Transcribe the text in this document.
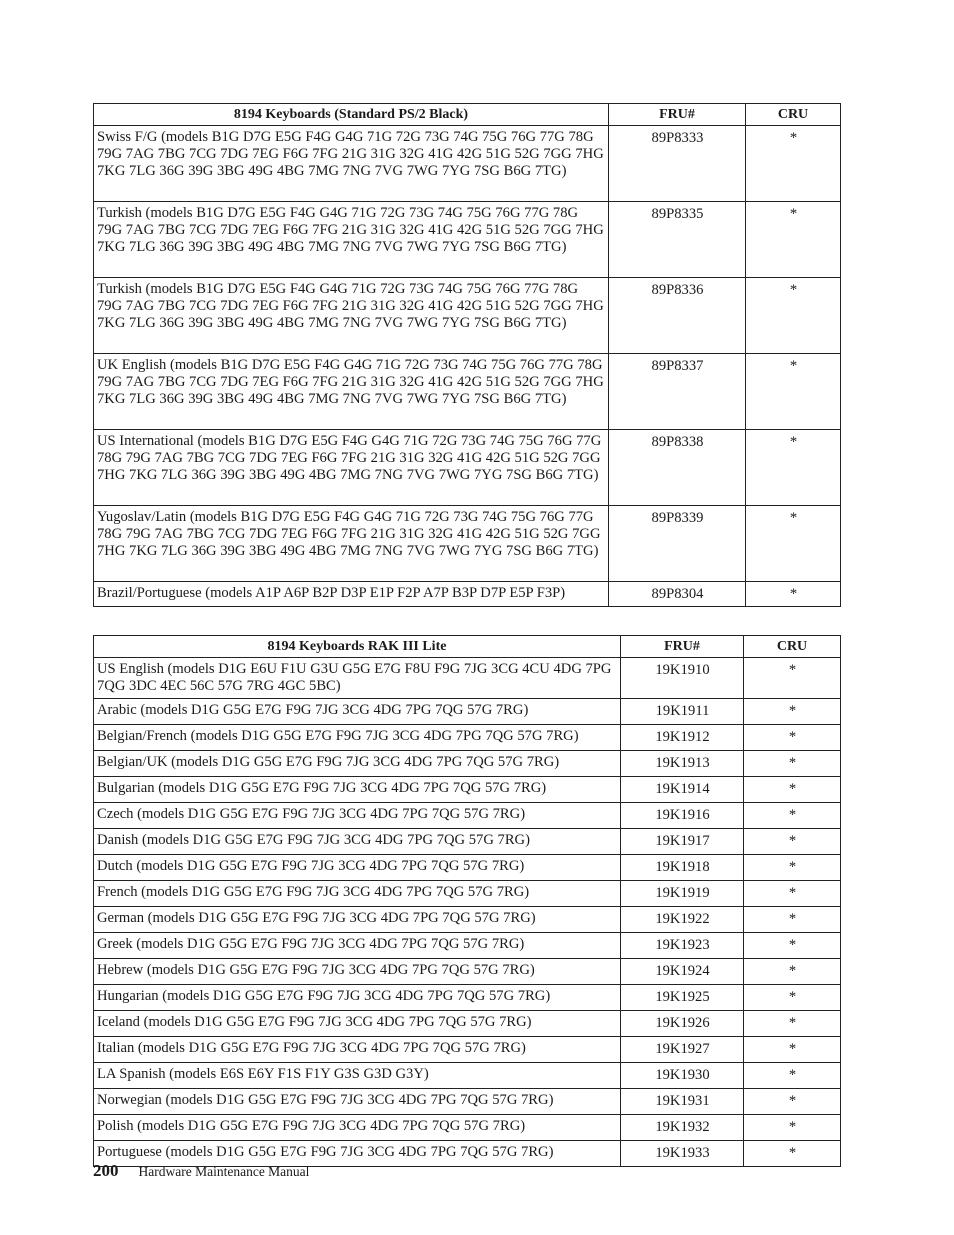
8194 Keyboards (Standard PS/2 Black)	FRU#	CRU
Swiss F/G (models B1G D7G E5G F4G G4G 71G 72G 73G 74G 75G 76G 77G 78G 79G 7AG 7BG 7CG 7DG 7EG F6G 7FG 21G 31G 32G 41G 42G 51G 52G 7GG 7HG 7KG 7LG 36G 39G 3BG 49G 4BG 7MG 7NG 7VG 7WG 7YG 7SG B6G 7TG)	89P8333	*
Turkish (models B1G D7G E5G F4G G4G 71G 72G 73G 74G 75G 76G 77G 78G 79G 7AG 7BG 7CG 7DG 7EG F6G 7FG 21G 31G 32G 41G 42G 51G 52G 7GG 7HG 7KG 7LG 36G 39G 3BG 49G 4BG 7MG 7NG 7VG 7WG 7YG 7SG B6G 7TG)	89P8335	*
Turkish (models B1G D7G E5G F4G G4G 71G 72G 73G 74G 75G 76G 77G 78G 79G 7AG 7BG 7CG 7DG 7EG F6G 7FG 21G 31G 32G 41G 42G 51G 52G 7GG 7HG 7KG 7LG 36G 39G 3BG 49G 4BG 7MG 7NG 7VG 7WG 7YG 7SG B6G 7TG)	89P8336	*
UK English (models B1G D7G E5G F4G G4G 71G 72G 73G 74G 75G 76G 77G 78G 79G 7AG 7BG 7CG 7DG 7EG F6G 7FG 21G 31G 32G 41G 42G 51G 52G 7GG 7HG 7KG 7LG 36G 39G 3BG 49G 4BG 7MG 7NG 7VG 7WG 7YG 7SG B6G 7TG)	89P8337	*
US International (models B1G D7G E5G F4G G4G 71G 72G 73G 74G 75G 76G 77G 78G 79G 7AG 7BG 7CG 7DG 7EG F6G 7FG 21G 31G 32G 41G 42G 51G 52G 7GG 7HG 7KG 7LG 36G 39G 3BG 49G 4BG 7MG 7NG 7VG 7WG 7YG 7SG B6G 7TG)	89P8338	*
Yugoslav/Latin (models B1G D7G E5G F4G G4G 71G 72G 73G 74G 75G 76G 77G 78G 79G 7AG 7BG 7CG 7DG 7EG F6G 7FG 21G 31G 32G 41G 42G 51G 52G 7GG 7HG 7KG 7LG 36G 39G 3BG 49G 4BG 7MG 7NG 7VG 7WG 7YG 7SG B6G 7TG)	89P8339	*
Brazil/Portuguese (models A1P A6P B2P D3P E1P F2P A7P B3P D7P E5P F3P)	89P8304	*
8194 Keyboards RAK III Lite	FRU#	CRU
US English (models D1G E6U F1U G3U G5G E7G F8U F9G 7JG 3CG 4CU 4DG 7PG 7QG 3DC 4EC 56C 57G 7RG 4GC 5BC)	19K1910	*
Arabic (models D1G G5G E7G F9G 7JG 3CG 4DG 7PG 7QG 57G 7RG)	19K1911	*
Belgian/French (models D1G G5G E7G F9G 7JG 3CG 4DG 7PG 7QG 57G 7RG)	19K1912	*
Belgian/UK (models D1G G5G E7G F9G 7JG 3CG 4DG 7PG 7QG 57G 7RG)	19K1913	*
Bulgarian (models D1G G5G E7G F9G 7JG 3CG 4DG 7PG 7QG 57G 7RG)	19K1914	*
Czech (models D1G G5G E7G F9G 7JG 3CG 4DG 7PG 7QG 57G 7RG)	19K1916	*
Danish (models D1G G5G E7G F9G 7JG 3CG 4DG 7PG 7QG 57G 7RG)	19K1917	*
Dutch (models D1G G5G E7G F9G 7JG 3CG 4DG 7PG 7QG 57G 7RG)	19K1918	*
French (models D1G G5G E7G F9G 7JG 3CG 4DG 7PG 7QG 57G 7RG)	19K1919	*
German (models D1G G5G E7G F9G 7JG 3CG 4DG 7PG 7QG 57G 7RG)	19K1922	*
Greek (models D1G G5G E7G F9G 7JG 3CG 4DG 7PG 7QG 57G 7RG)	19K1923	*
Hebrew (models D1G G5G E7G F9G 7JG 3CG 4DG 7PG 7QG 57G 7RG)	19K1924	*
Hungarian (models D1G G5G E7G F9G 7JG 3CG 4DG 7PG 7QG 57G 7RG)	19K1925	*
Iceland (models D1G G5G E7G F9G 7JG 3CG 4DG 7PG 7QG 57G 7RG)	19K1926	*
Italian (models D1G G5G E7G F9G 7JG 3CG 4DG 7PG 7QG 57G 7RG)	19K1927	*
LA Spanish (models E6S E6Y F1S F1Y G3S G3D G3Y)	19K1930	*
Norwegian (models D1G G5G E7G F9G 7JG 3CG 4DG 7PG 7QG 57G 7RG)	19K1931	*
Polish (models D1G G5G E7G F9G 7JG 3CG 4DG 7PG 7QG 57G 7RG)	19K1932	*
Portuguese (models D1G G5G E7G F9G 7JG 3CG 4DG 7PG 7QG 57G 7RG)	19K1933	*
200 Hardware Maintenance Manual
